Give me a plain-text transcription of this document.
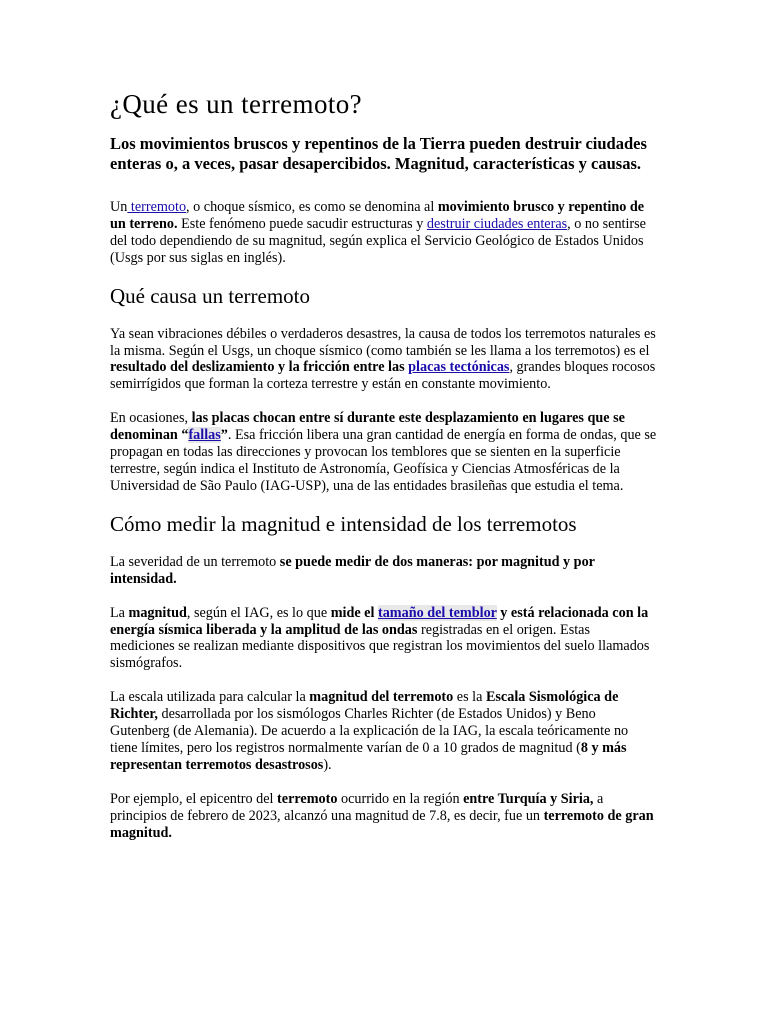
¿Qué es un terremoto?

Los movimientos bruscos y repentinos de la Tierra pueden destruir ciudades enteras o, a veces, pasar desapercibidos. Magnitud, características y causas.

Un terremoto, o choque sísmico, es como se denomina al movimiento brusco y repentino de un terreno. Este fenómeno puede sacudir estructuras y destruir ciudades enteras, o no sentirse del todo dependiendo de su magnitud, según explica el Servicio Geológico de Estados Unidos (Usgs por sus siglas en inglés).

Qué causa un terremoto

Ya sean vibraciones débiles o verdaderos desastres, la causa de todos los terremotos naturales es la misma. Según el Usgs, un choque sísmico (como también se les llama a los terremotos) es el resultado del deslizamiento y la fricción entre las placas tectónicas, grandes bloques rocosos semirrígidos que forman la corteza terrestre y están en constante movimiento.

En ocasiones, las placas chocan entre sí durante este desplazamiento en lugares que se denominan “fallas”. Esa fricción libera una gran cantidad de energía en forma de ondas, que se propagan en todas las direcciones y provocan los temblores que se sienten en la superficie terrestre, según indica el Instituto de Astronomía, Geofísica y Ciencias Atmosféricas de la Universidad de São Paulo (IAG-USP), una de las entidades brasileñas que estudia el tema.

Cómo medir la magnitud e intensidad de los terremotos

La severidad de un terremoto se puede medir de dos maneras: por magnitud y por intensidad.

La magnitud, según el IAG, es lo que mide el tamaño del temblor y está relacionada con la energía sísmica liberada y la amplitud de las ondas registradas en el origen. Estas mediciones se realizan mediante dispositivos que registran los movimientos del suelo llamados sismógrafos.

La escala utilizada para calcular la magnitud del terremoto es la Escala Sismológica de Richter, desarrollada por los sismólogos Charles Richter (de Estados Unidos) y Beno Gutenberg (de Alemania). De acuerdo a la explicación de la IAG, la escala teóricamente no tiene límites, pero los registros normalmente varían de 0 a 10 grados de magnitud (8 y más representan terremotos desastrosos).

Por ejemplo, el epicentro del terremoto ocurrido en la región entre Turquía y Siria, a principios de febrero de 2023, alcanzó una magnitud de 7.8, es decir, fue un terremoto de gran magnitud.
